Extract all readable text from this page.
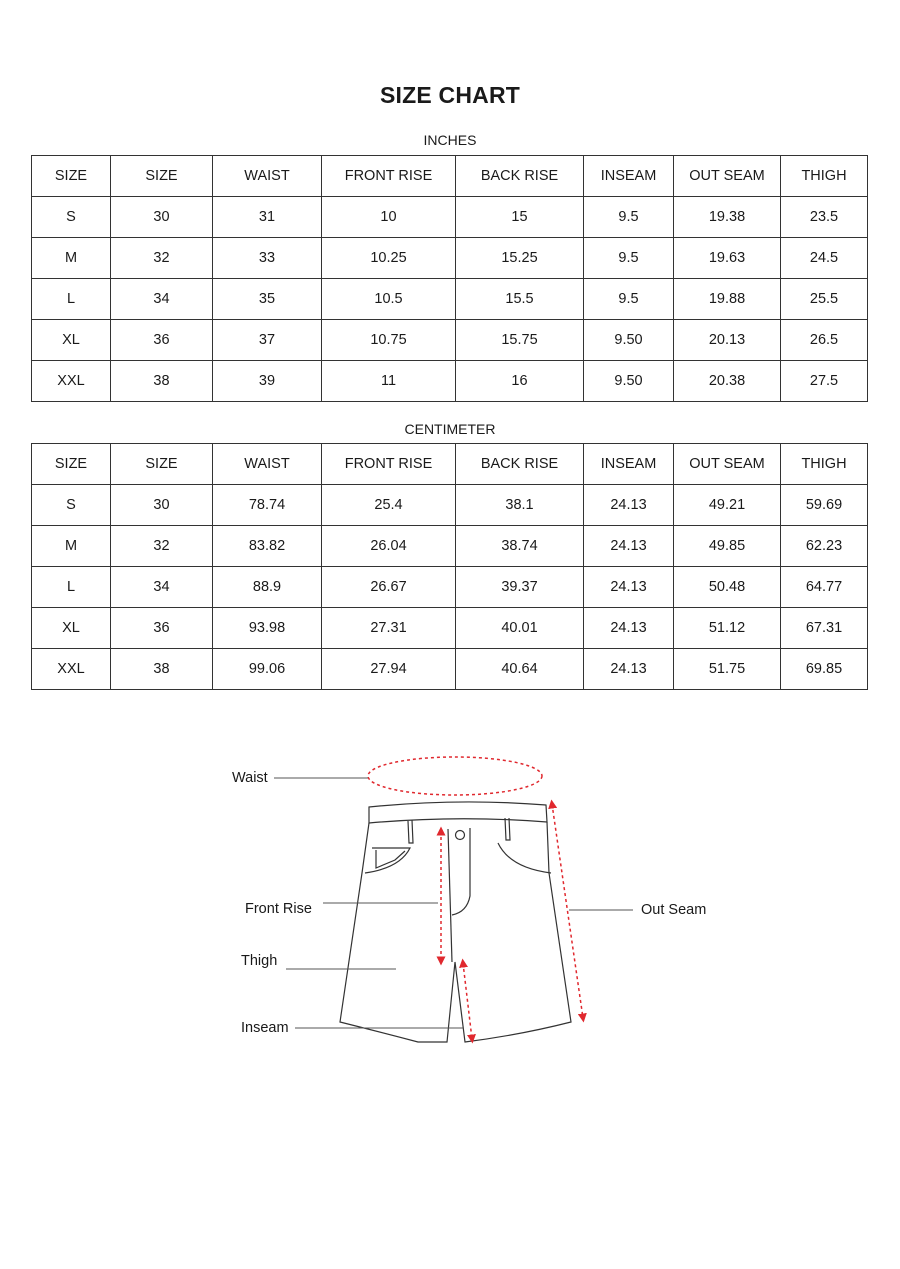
SIZE CHART
INCHES
SIZE	SIZE	WAIST	FRONT RISE	BACK RISE	INSEAM	OUT SEAM	THIGH
S	30	31	10	15	9.5	19.38	23.5
M	32	33	10.25	15.25	9.5	19.63	24.5
L	34	35	10.5	15.5	9.5	19.88	25.5
XL	36	37	10.75	15.75	9.50	20.13	26.5
XXL	38	39	11	16	9.50	20.38	27.5
CENTIMETER
SIZE	SIZE	WAIST	FRONT RISE	BACK RISE	INSEAM	OUT SEAM	THIGH
S	30	78.74	25.4	38.1	24.13	49.21	59.69
M	32	83.82	26.04	38.74	24.13	49.85	62.23
L	34	88.9	26.67	39.37	24.13	50.48	64.77
XL	36	93.98	27.31	40.01	24.13	51.12	67.31
XXL	38	99.06	27.94	40.64	24.13	51.75	69.85
Waist
Front Rise
Thigh
Inseam
Out Seam
